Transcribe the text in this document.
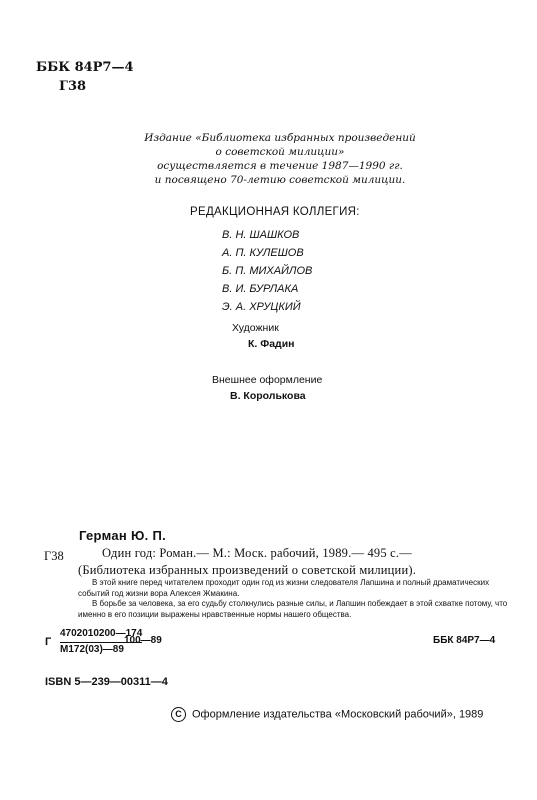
ББК 84Р7—4
Г38
Издание «Библиотека избранных произведений
о советской милиции»
осуществляется в течение 1987—1990 гг.
и посвящено 70-летию советской милиции.
РЕДАКЦИОННАЯ КОЛЛЕГИЯ:
В. Н. ШАШКОВ
А. П. КУЛЕШОВ
Б. П. МИХАЙЛОВ
В. И. БУРЛАКА
Э. А. ХРУЦКИЙ
Художник
К. Фадин
Внешнее оформление
В. Королькова
Герман Ю. П.
Г38	Один год: Роман.— М.: Моск. рабочий, 1989.— 495 с.—
(Библиотека избранных произведений о советской милиции).

В этой книге перед читателем проходит один год из жизни следователя Лапшина и полный драматических событий год жизни вора Алексея Жмакина.

В борьбе за человека, за его судьбу столкнулись разные силы, и Лапшин побеждает в этой схватке потому, что именно в его позиции выражены нравственные нормы нашего общества.

Г
4702010200—174
М172(03)—89
100—89	ББК 84Р7—4
ISBN 5—239—00311—4
C Оформление издательства «Московский рабочий», 1989
